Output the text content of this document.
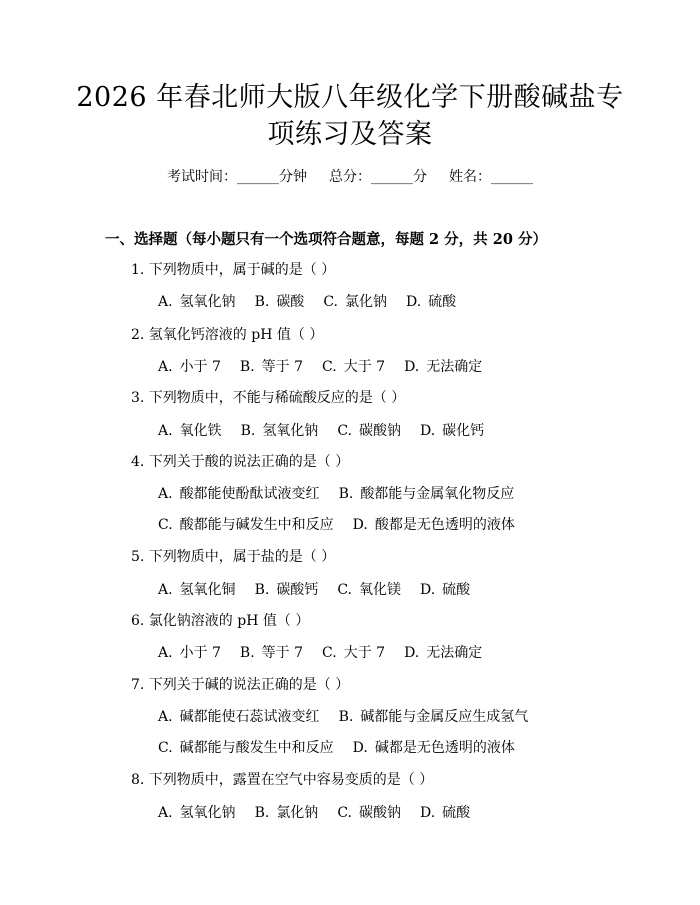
2026 年春北师大版八年级化学下册酸碱盐专
项练习及答案
考试时间：______分钟 总分：______分 姓名：______
一、选择题（每小题只有一个选项符合题意，每题 2 分，共 20 分）
1. 下列物质中，属于碱的是（ ）
A. 氢氧化钠 B. 碳酸 C. 氯化钠 D. 硫酸
2. 氢氧化钙溶液的 pH 值（ ）
A. 小于 7 B. 等于 7 C. 大于 7 D. 无法确定
3. 下列物质中，不能与稀硫酸反应的是（ ）
A. 氧化铁 B. 氢氧化钠 C. 碳酸钠 D. 碳化钙
4. 下列关于酸的说法正确的是（ ）
A. 酸都能使酚酞试液变红 B. 酸都能与金属氧化物反应
C. 酸都能与碱发生中和反应 D. 酸都是无色透明的液体
5. 下列物质中，属于盐的是（ ）
A. 氢氧化铜 B. 碳酸钙 C. 氧化镁 D. 硫酸
6. 氯化钠溶液的 pH 值（ ）
A. 小于 7 B. 等于 7 C. 大于 7 D. 无法确定
7. 下列关于碱的说法正确的是（ ）
A. 碱都能使石蕊试液变红 B. 碱都能与金属反应生成氢气
C. 碱都能与酸发生中和反应 D. 碱都是无色透明的液体
8. 下列物质中，露置在空气中容易变质的是（ ）
A. 氢氧化钠 B. 氯化钠 C. 碳酸钠 D. 硫酸
